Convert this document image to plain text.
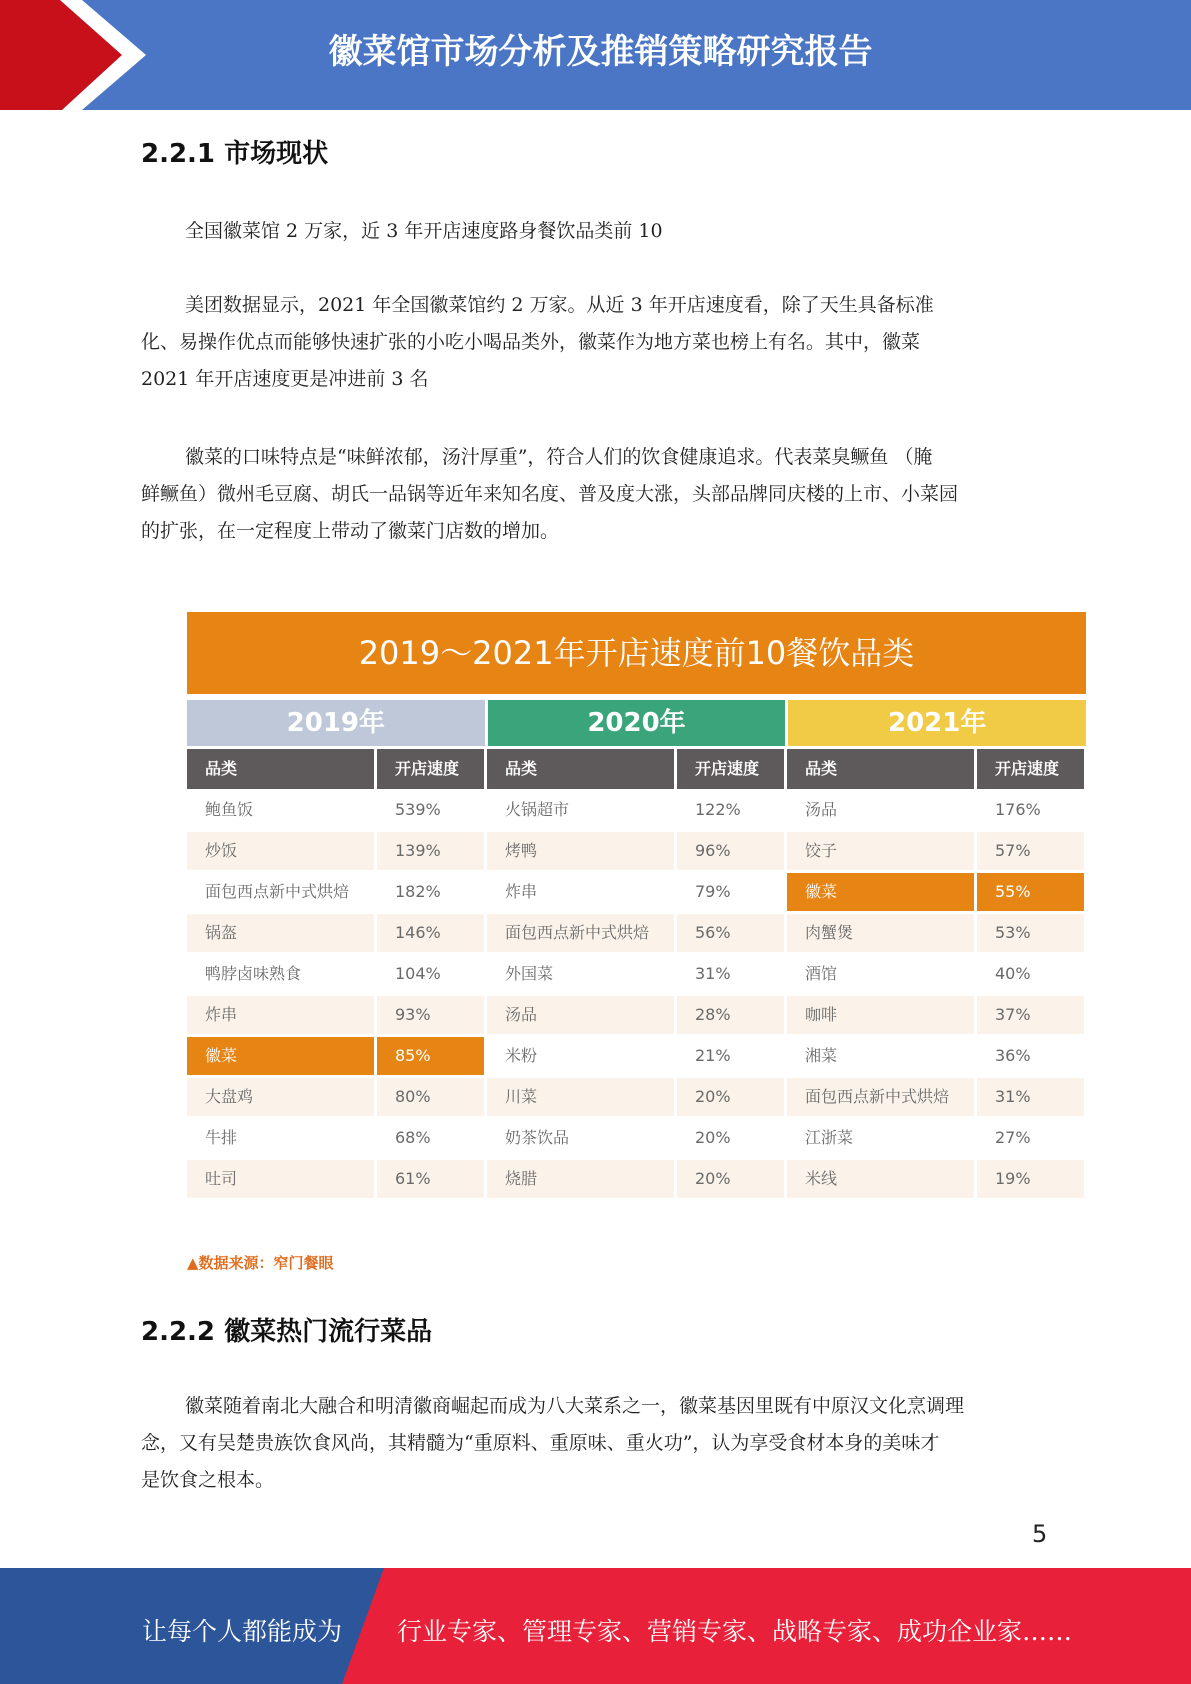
徽菜馆市场分析及推销策略研究报告
2.2.1 市场现状
全国徽菜馆 2 万家，近 3 年开店速度路身餐饮品类前 10
美团数据显示，2021 年全国徽菜馆约 2 万家。从近 3 年开店速度看，除了天生具备标准
化、易操作优点而能够快速扩张的小吃小喝品类外，徽菜作为地方菜也榜上有名。其中，徽菜
2021 年开店速度更是冲进前 3 名
徽菜的口味特点是“味鲜浓郁，汤汁厚重”，符合人们的饮食健康追求。代表菜臭鳜鱼 （腌
鲜鳜鱼）微州毛豆腐、胡氏一品锅等近年来知名度、普及度大涨，头部品牌同庆楼的上市、小菜园
的扩张，在一定程度上带动了徽菜门店数的增加。
2019～2021年开店速度前10餐饮品类
2019年	2020年	2021年
品类	开店速度	品类	开店速度	品类	开店速度
鲍鱼饭	539%	火锅超市	122%	汤品	176%
炒饭	139%	烤鸭	96%	饺子	57%
面包西点新中式烘焙	182%	炸串	79%	徽菜	55%
锅盔	146%	面包西点新中式烘焙	56%	肉蟹煲	53%
鸭脖卤味熟食	104%	外国菜	31%	酒馆	40%
炸串	93%	汤品	28%	咖啡	37%
徽菜	85%	米粉	21%	湘菜	36%
大盘鸡	80%	川菜	20%	面包西点新中式烘焙	31%
牛排	68%	奶茶饮品	20%	江浙菜	27%
吐司	61%	烧腊	20%	米线	19%
▲数据来源：窄门餐眼
2.2.2 徽菜热门流行菜品
徽菜随着南北大融合和明清徽商崛起而成为八大菜系之一，徽菜基因里既有中原汉文化烹调理
念，又有吴楚贵族饮食风尚，其精髓为“重原料、重原味、重火功”，认为享受食材本身的美味才
是饮食之根本。
5
让每个人都能成为 行业专家、管理专家、营销专家、战略专家、成功企业家……
